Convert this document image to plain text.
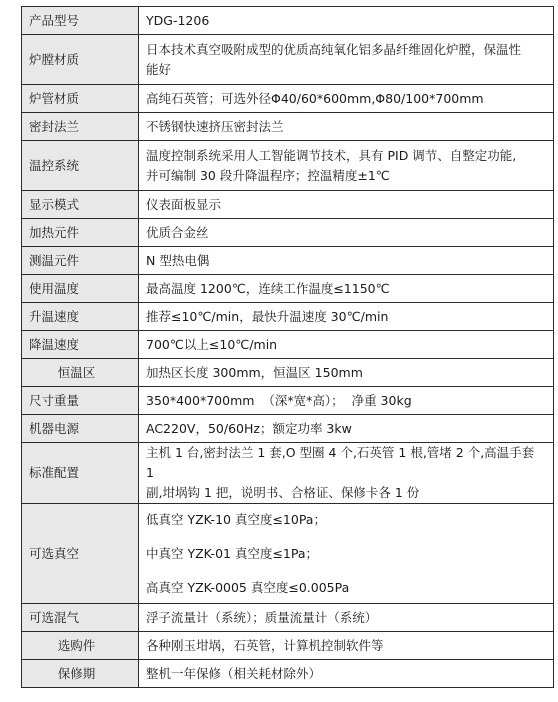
产品型号	YDG-1206

炉膛材质	日本技术真空吸附成型的优质高纯氧化铝多晶纤维固化炉膛，保温性
能好

炉管材质	高纯石英管；可选外径Φ40/60*600mm,Φ80/100*700mm

密封法兰	不锈钢快速挤压密封法兰

温控系统	温度控制系统采用人工智能调节技术，具有 PID 调节、自整定功能,
并可编制 30 段升降温程序；控温精度±1℃

显示模式	仪表面板显示

加热元件	优质合金丝

测温元件	N 型热电偶

使用温度	最高温度 1200℃，连续工作温度≤1150℃

升温速度	推荐≤10℃/min，最快升温速度 30℃/min

降温速度	700℃以上≤10℃/min

恒温区	加热区长度 300mm，恒温区 150mm

尺寸重量	350*400*700mm  （深*宽*高）；  净重 30kg

机器电源	AC220V，50/60Hz；额定功率 3kw

标准配置	主机 1 台,密封法兰 1 套,O 型圈 4 个,石英管 1 根,管堵 2 个,高温手套 1
副,坩埚钩 1 把，说明书、合格证、保修卡各 1 份

可选真空	低真空 YZK-10 真空度≤10Pa；
中真空 YZK-01 真空度≤1Pa；
高真空 YZK-0005 真空度≤0.005Pa

可选混气	浮子流量计（系统）；质量流量计（系统）

选购件	各种刚玉坩埚，石英管，计算机控制软件等

保修期	整机一年保修（相关耗材除外）
